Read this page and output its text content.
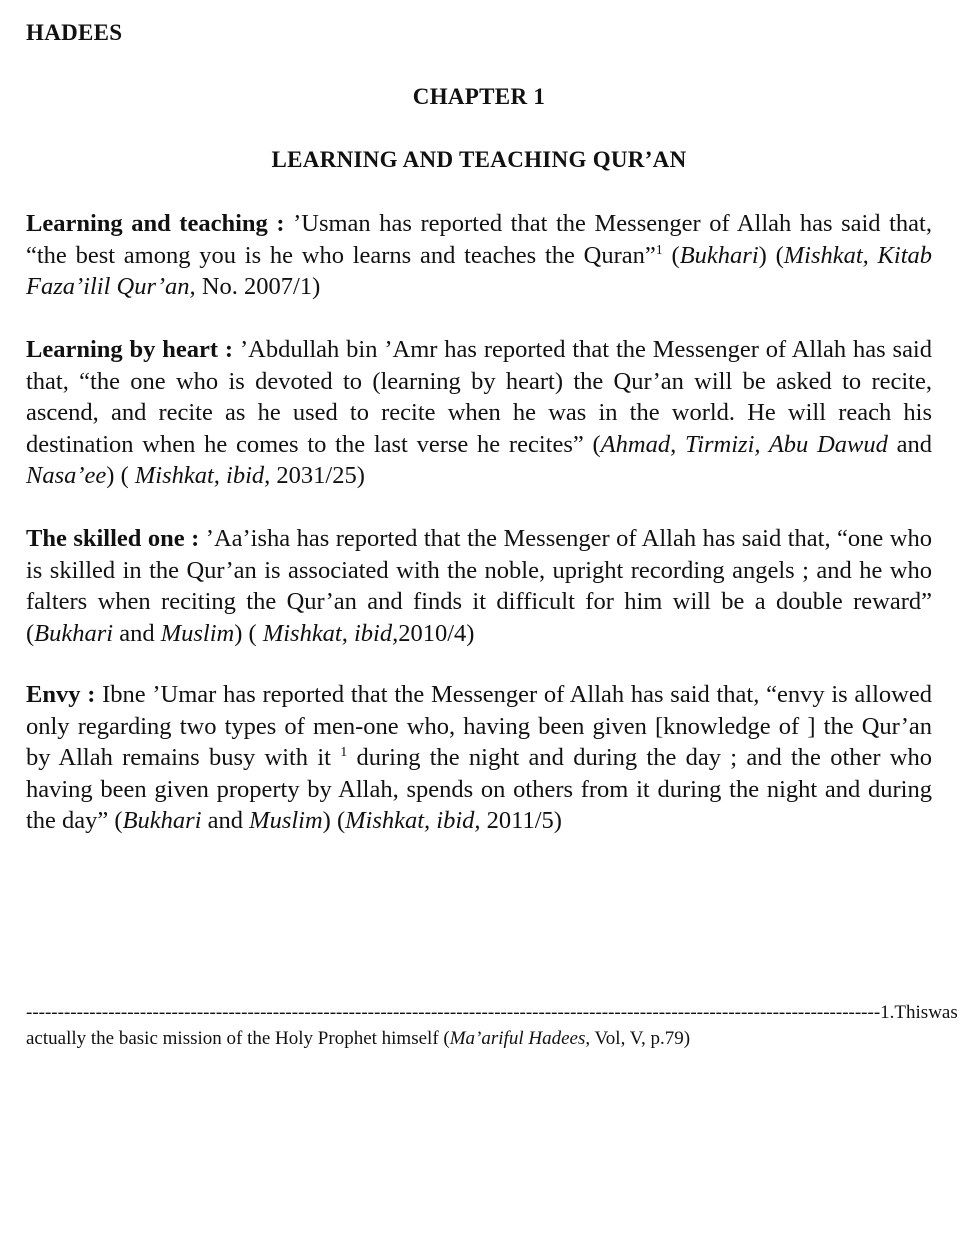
HADEES
CHAPTER 1
LEARNING AND TEACHING QUR’AN
Learning and teaching : ’Usman has reported that the Messenger of Allah has said that, “the best among you is he who learns and teaches the Quran”$^1$ (Bukhari) (Mishkat, Kitab Faza’ilil Qur’an, No. 2007/1)
Learning by heart : ’Abdullah bin ’Amr has reported that the Messenger of Allah has said that, “the one who is devoted to (learning by heart) the Qur’an will be asked to recite, ascend, and recite as he used to recite when he was in the world. He will reach his destination when he comes to the last verse he recites” (Ahmad, Tirmizi, Abu Dawud and Nasa’ee) ( Mishkat, ibid, 2031/25)
The skilled one : ’Aa’isha has reported that the Messenger of Allah has said that, “one who is skilled in the Qur’an is associated with the noble, upright recording angels ; and he who falters when reciting the Qur’an and finds it difficult for him will be a double reward” (Bukhari and Muslim) ( Mishkat, ibid,2010/4)
Envy : Ibne ’Umar has reported that the Messenger of Allah has said that, “envy is allowed only regarding two types of men-one who, having been given [knowledge of ] the Qur’an by Allah remains busy with it $^1$ during the night and during the day ; and the other who having been given property by Allah, spends on others from it during the night and during the day” (Bukhari and Muslim) (Mishkat, ibid, 2011/5)
--------------------------------------------------------------------------------------------------------------------------------------- 1. This was
actually the basic mission of the Holy Prophet himself (Ma’ariful Hadees, Vol, V, p.79)
